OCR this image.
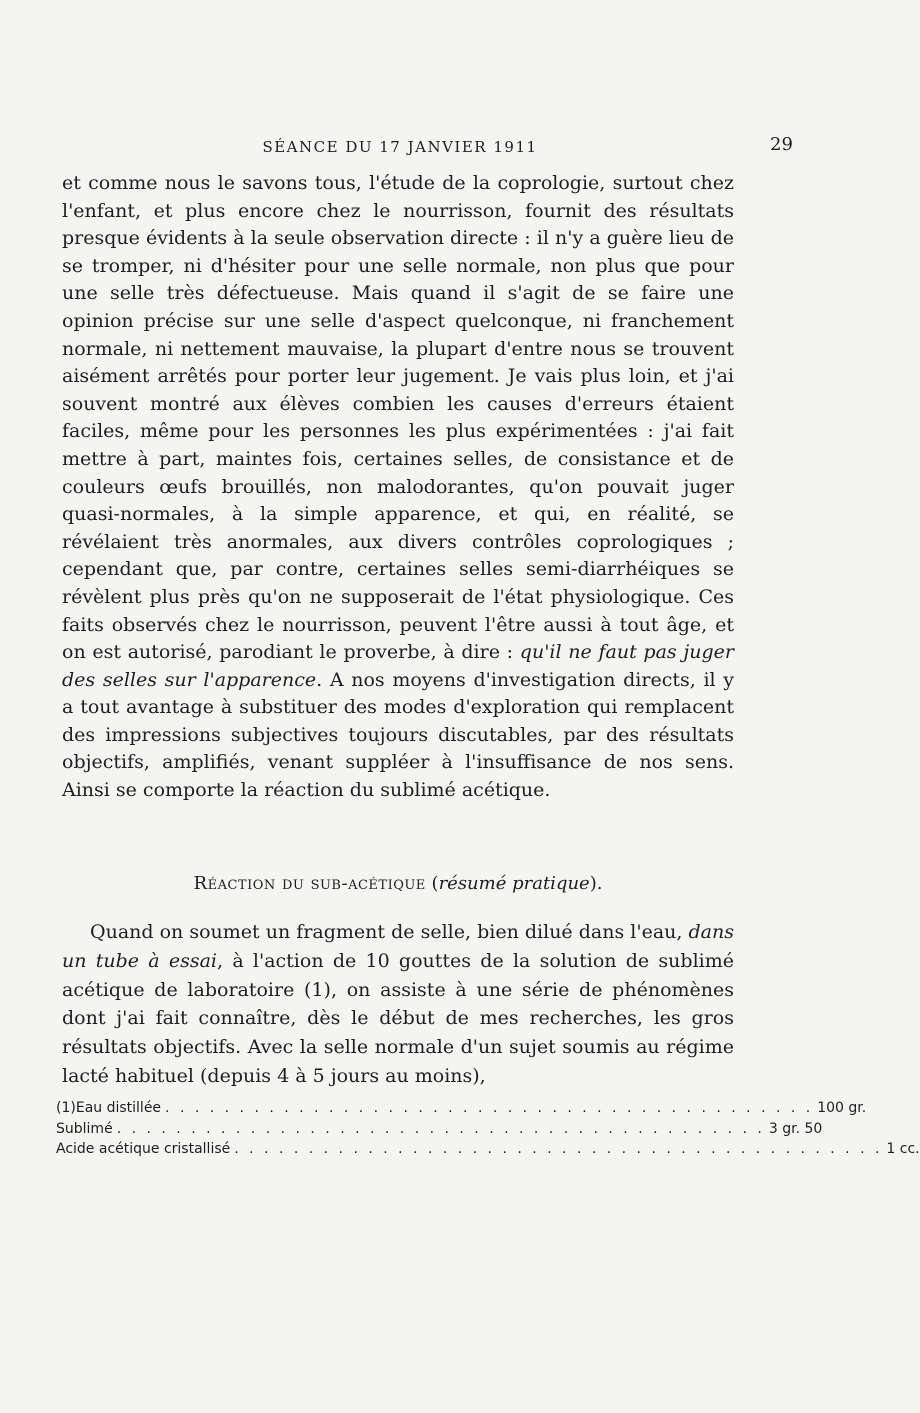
SÉANCE DU 17 JANVIER 1911	29

et comme nous le savons tous, l'étude de la coprologie, surtout chez l'enfant, et plus encore chez le nourrisson, fournit des résultats presque évidents à la seule observation directe : il n'y a guère lieu de se tromper, ni d'hésiter pour une selle normale, non plus que pour une selle très défectueuse. Mais quand il s'agit de se faire une opinion précise sur une selle d'aspect quelconque, ni franchement normale, ni nettement mauvaise, la plupart d'entre nous se trouvent aisément arrêtés pour porter leur jugement. Je vais plus loin, et j'ai souvent montré aux élèves combien les causes d'erreurs étaient faciles, même pour les personnes les plus expérimentées : j'ai fait mettre à part, maintes fois, certaines selles, de consistance et de couleurs œufs brouillés, non malodorantes, qu'on pouvait juger quasi-normales, à la simple apparence, et qui, en réalité, se révélaient très anormales, aux divers contrôles coprologiques ; cependant que, par contre, certaines selles semi-diarrhéiques se révèlent plus près qu'on ne supposerait de l'état physiologique. Ces faits observés chez le nourrisson, peuvent l'être aussi à tout âge, et on est autorisé, parodiant le proverbe, à dire : qu'il ne faut pas juger des selles sur l'apparence. A nos moyens d'investigation directs, il y a tout avantage à substituer des modes d'exploration qui remplacent des impressions subjectives toujours discutables, par des résultats objectifs, amplifiés, venant suppléer à l'insuffisance de nos sens. Ainsi se comporte la réaction du sublimé acétique.

Réaction du sub-acétique (résumé pratique).

Quand on soumet un fragment de selle, bien dilué dans l'eau, dans un tube à essai, à l'action de 10 gouttes de la solution de sublimé acétique de laboratoire (1), on assiste à une série de phénomènes dont j'ai fait connaître, dès le début de mes recherches, les gros résultats objectifs. Avec la selle normale d'un sujet soumis au régime lacté habituel (depuis 4 à 5 jours au moins),

(1) Eau distillée . . . . . . . . . . . . . . . . . . . . . . . . . . . . . . . . . . . . . . . . . . . . 100 gr.
Sublimé . . . . . . . . . . . . . . . . . . . . . . . . . . . . . . . . . . . . . . . . . . . . 3 gr. 50
Acide acétique cristallisé . . . . . . . . . . . . . . . . . . . . . . . . . . . . . . . . . . . . . . . . . . . . 1 cc.
